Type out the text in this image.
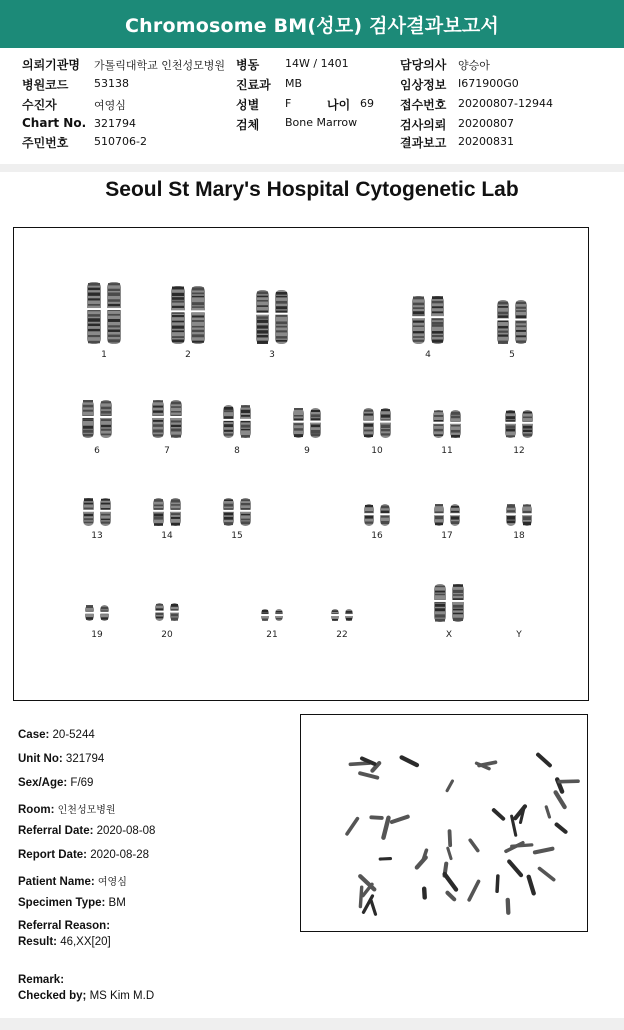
Chromosome BM(성모) 검사결과보고서
의뢰기관명 가톨릭대학교 인천성모병원
병원코드 53138
수진자	여영심
Chart No. 321794
주민번호 510706-2
병동 14W / 1401
진료과 MB
성별 F	나이 69
검체 Bone Marrow
담당의사 양승아
임상정보 I671900G0
접수번호 20200807-12944
검사의뢰 20200807
결과보고 20200831
Seoul St Mary's Hospital Cytogenetic Lab
1	2	3	4	5
6	7	8	9	10	11	12
13	14	15	16	17	18
19	20	21	22	X	Y
Case: 20-5244
Unit No: 321794
Sex/Age: F/69
Room: 인천성모병원
Referral Date: 2020-08-08
Report Date: 2020-08-28
Patient Name: 여영심
Specimen Type: BM
Referral Reason:
Result: 46,XX[20]
Remark:
Checked by; MS Kim M.D
